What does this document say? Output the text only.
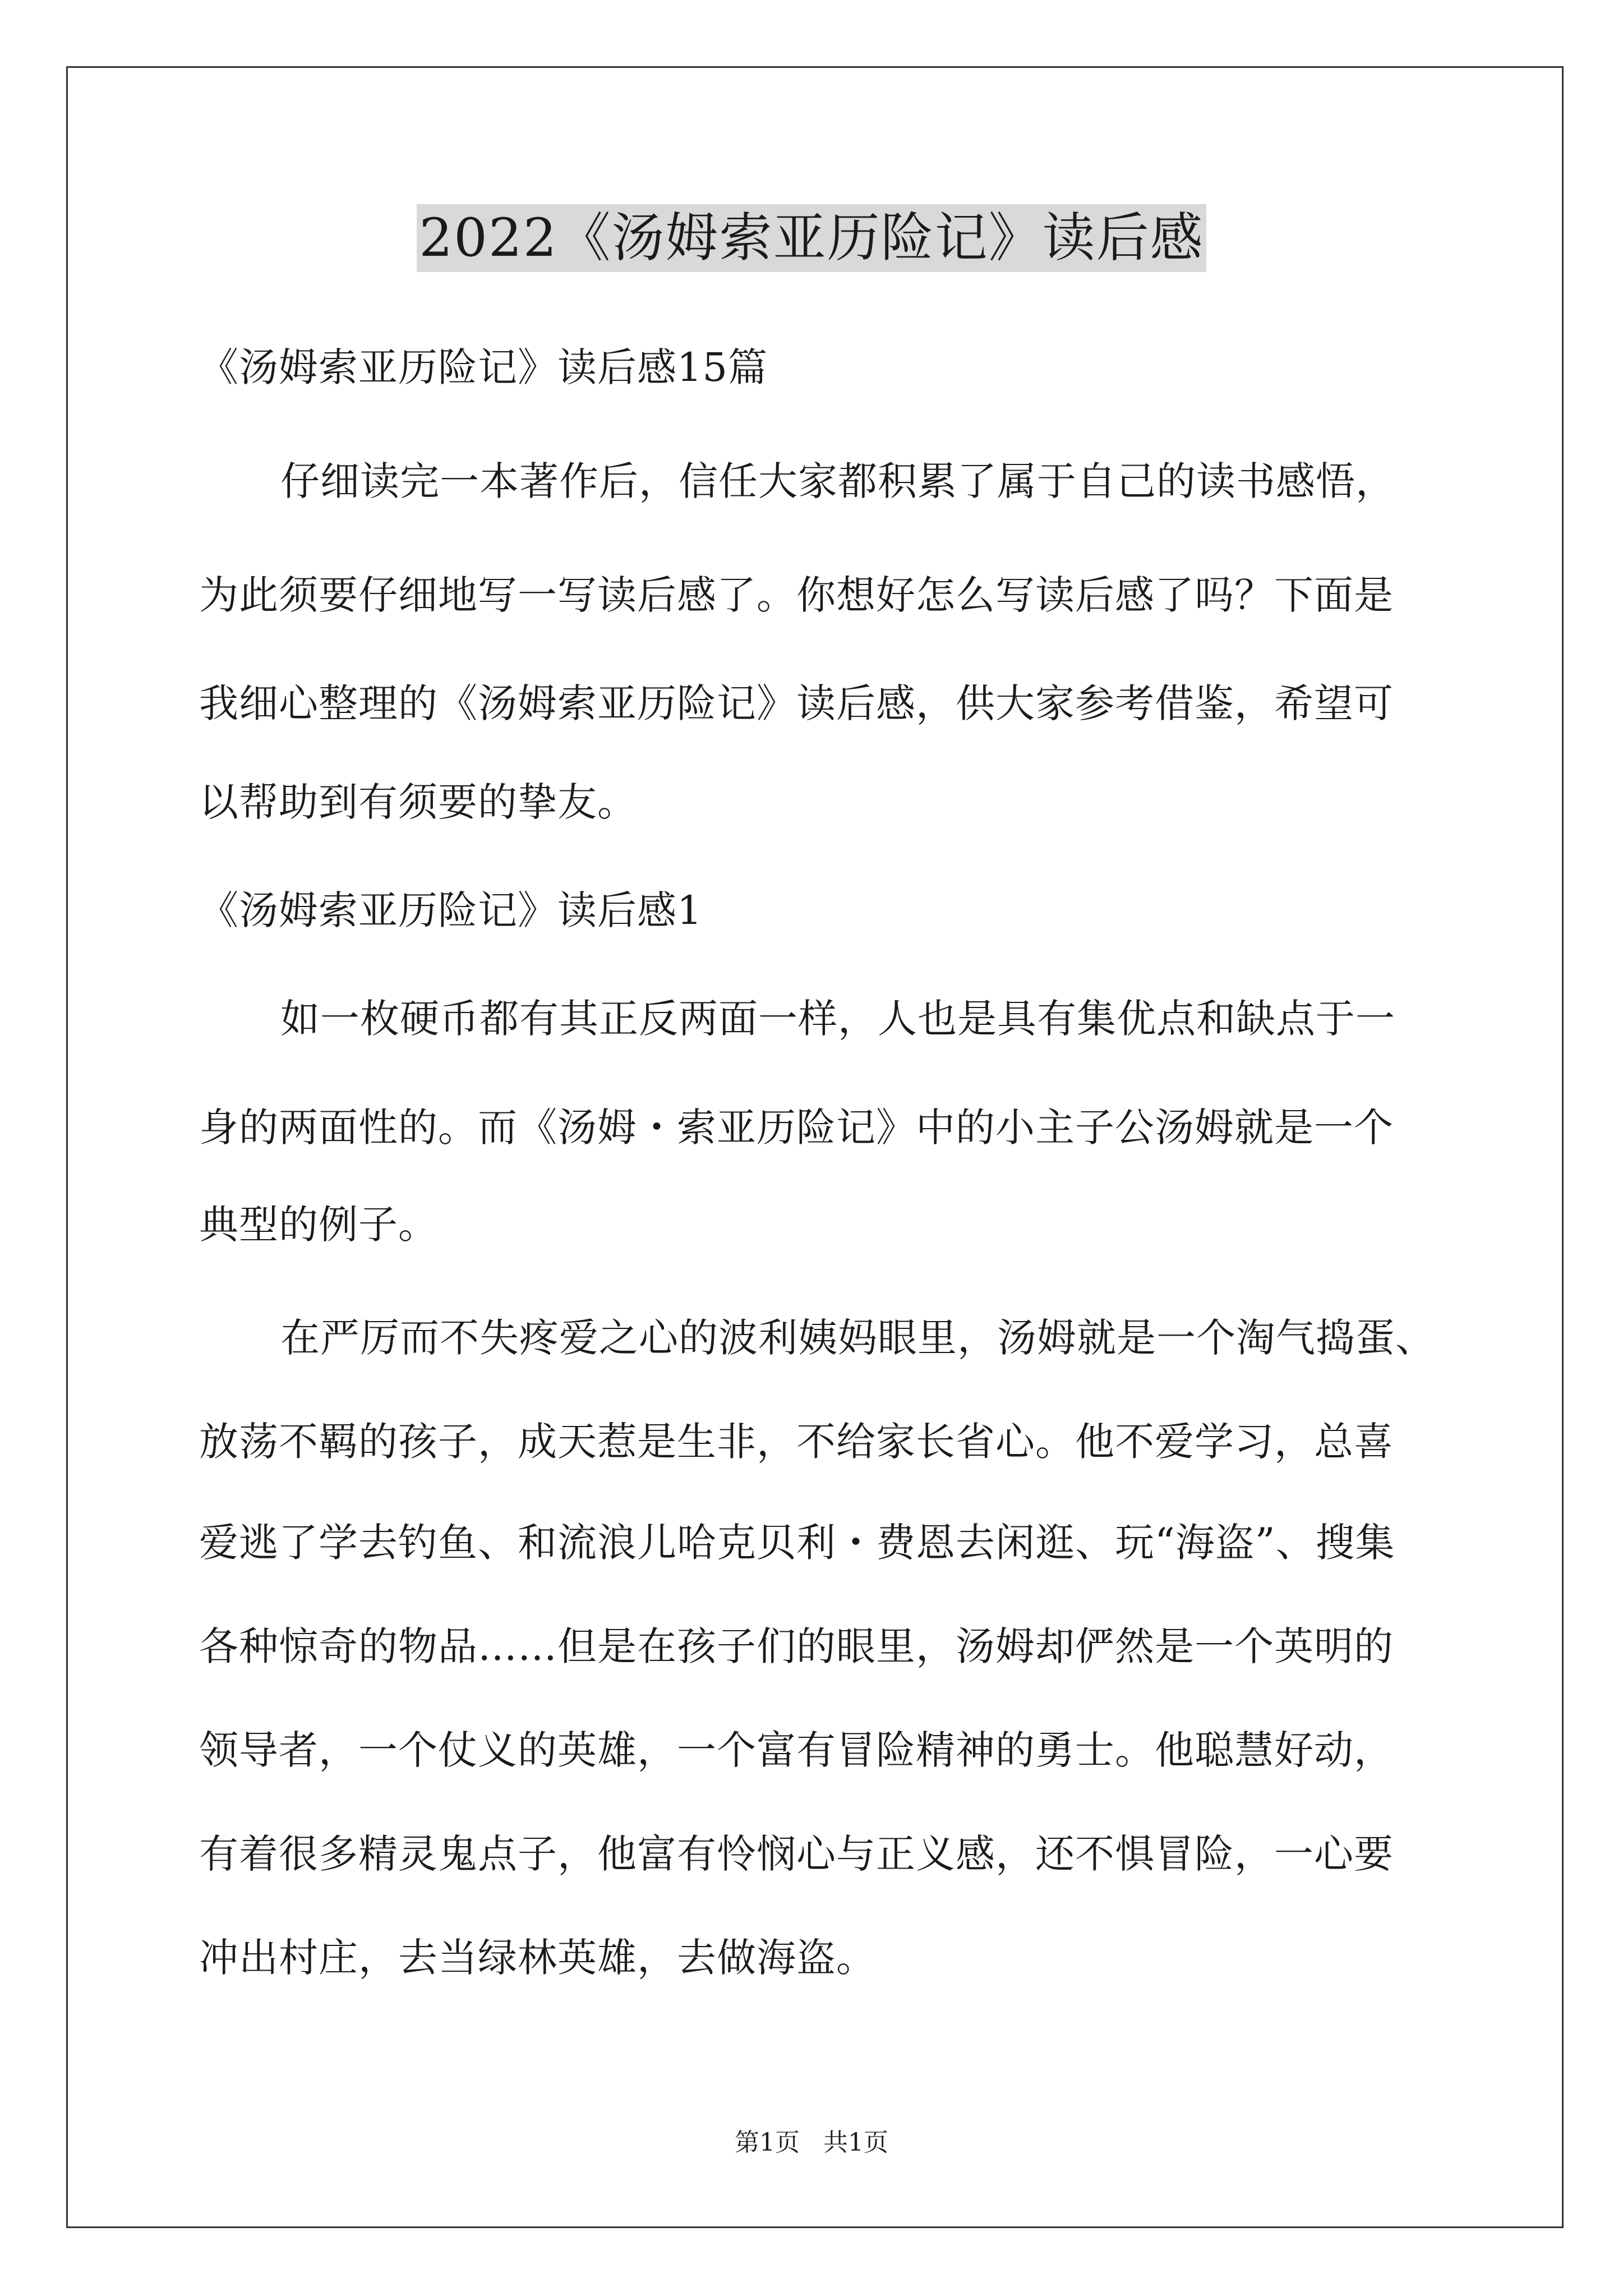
2022《汤姆索亚历险记》读后感
《汤姆索亚历险记》读后感15篇
仔细读完一本著作后，信任大家都积累了属于自己的读书感悟，
为此须要仔细地写一写读后感了。你想好怎么写读后感了吗？下面是
我细心整理的《汤姆索亚历险记》读后感，供大家参考借鉴，希望可
以帮助到有须要的挚友。
《汤姆索亚历险记》读后感1
如一枚硬币都有其正反两面一样，人也是具有集优点和缺点于一
身的两面性的。而《汤姆・索亚历险记》中的小主子公汤姆就是一个
典型的例子。
在严厉而不失疼爱之心的波利姨妈眼里，汤姆就是一个淘气捣蛋、
放荡不羁的孩子，成天惹是生非，不给家长省心。他不爱学习，总喜
爱逃了学去钓鱼、和流浪儿哈克贝利・费恩去闲逛、玩“海盗”、搜集
各种惊奇的物品……但是在孩子们的眼里，汤姆却俨然是一个英明的
领导者，一个仗义的英雄，一个富有冒险精神的勇士。他聪慧好动，
有着很多精灵鬼点子，他富有怜悯心与正义感，还不惧冒险，一心要
冲出村庄，去当绿林英雄，去做海盗。
第1页   共1页
